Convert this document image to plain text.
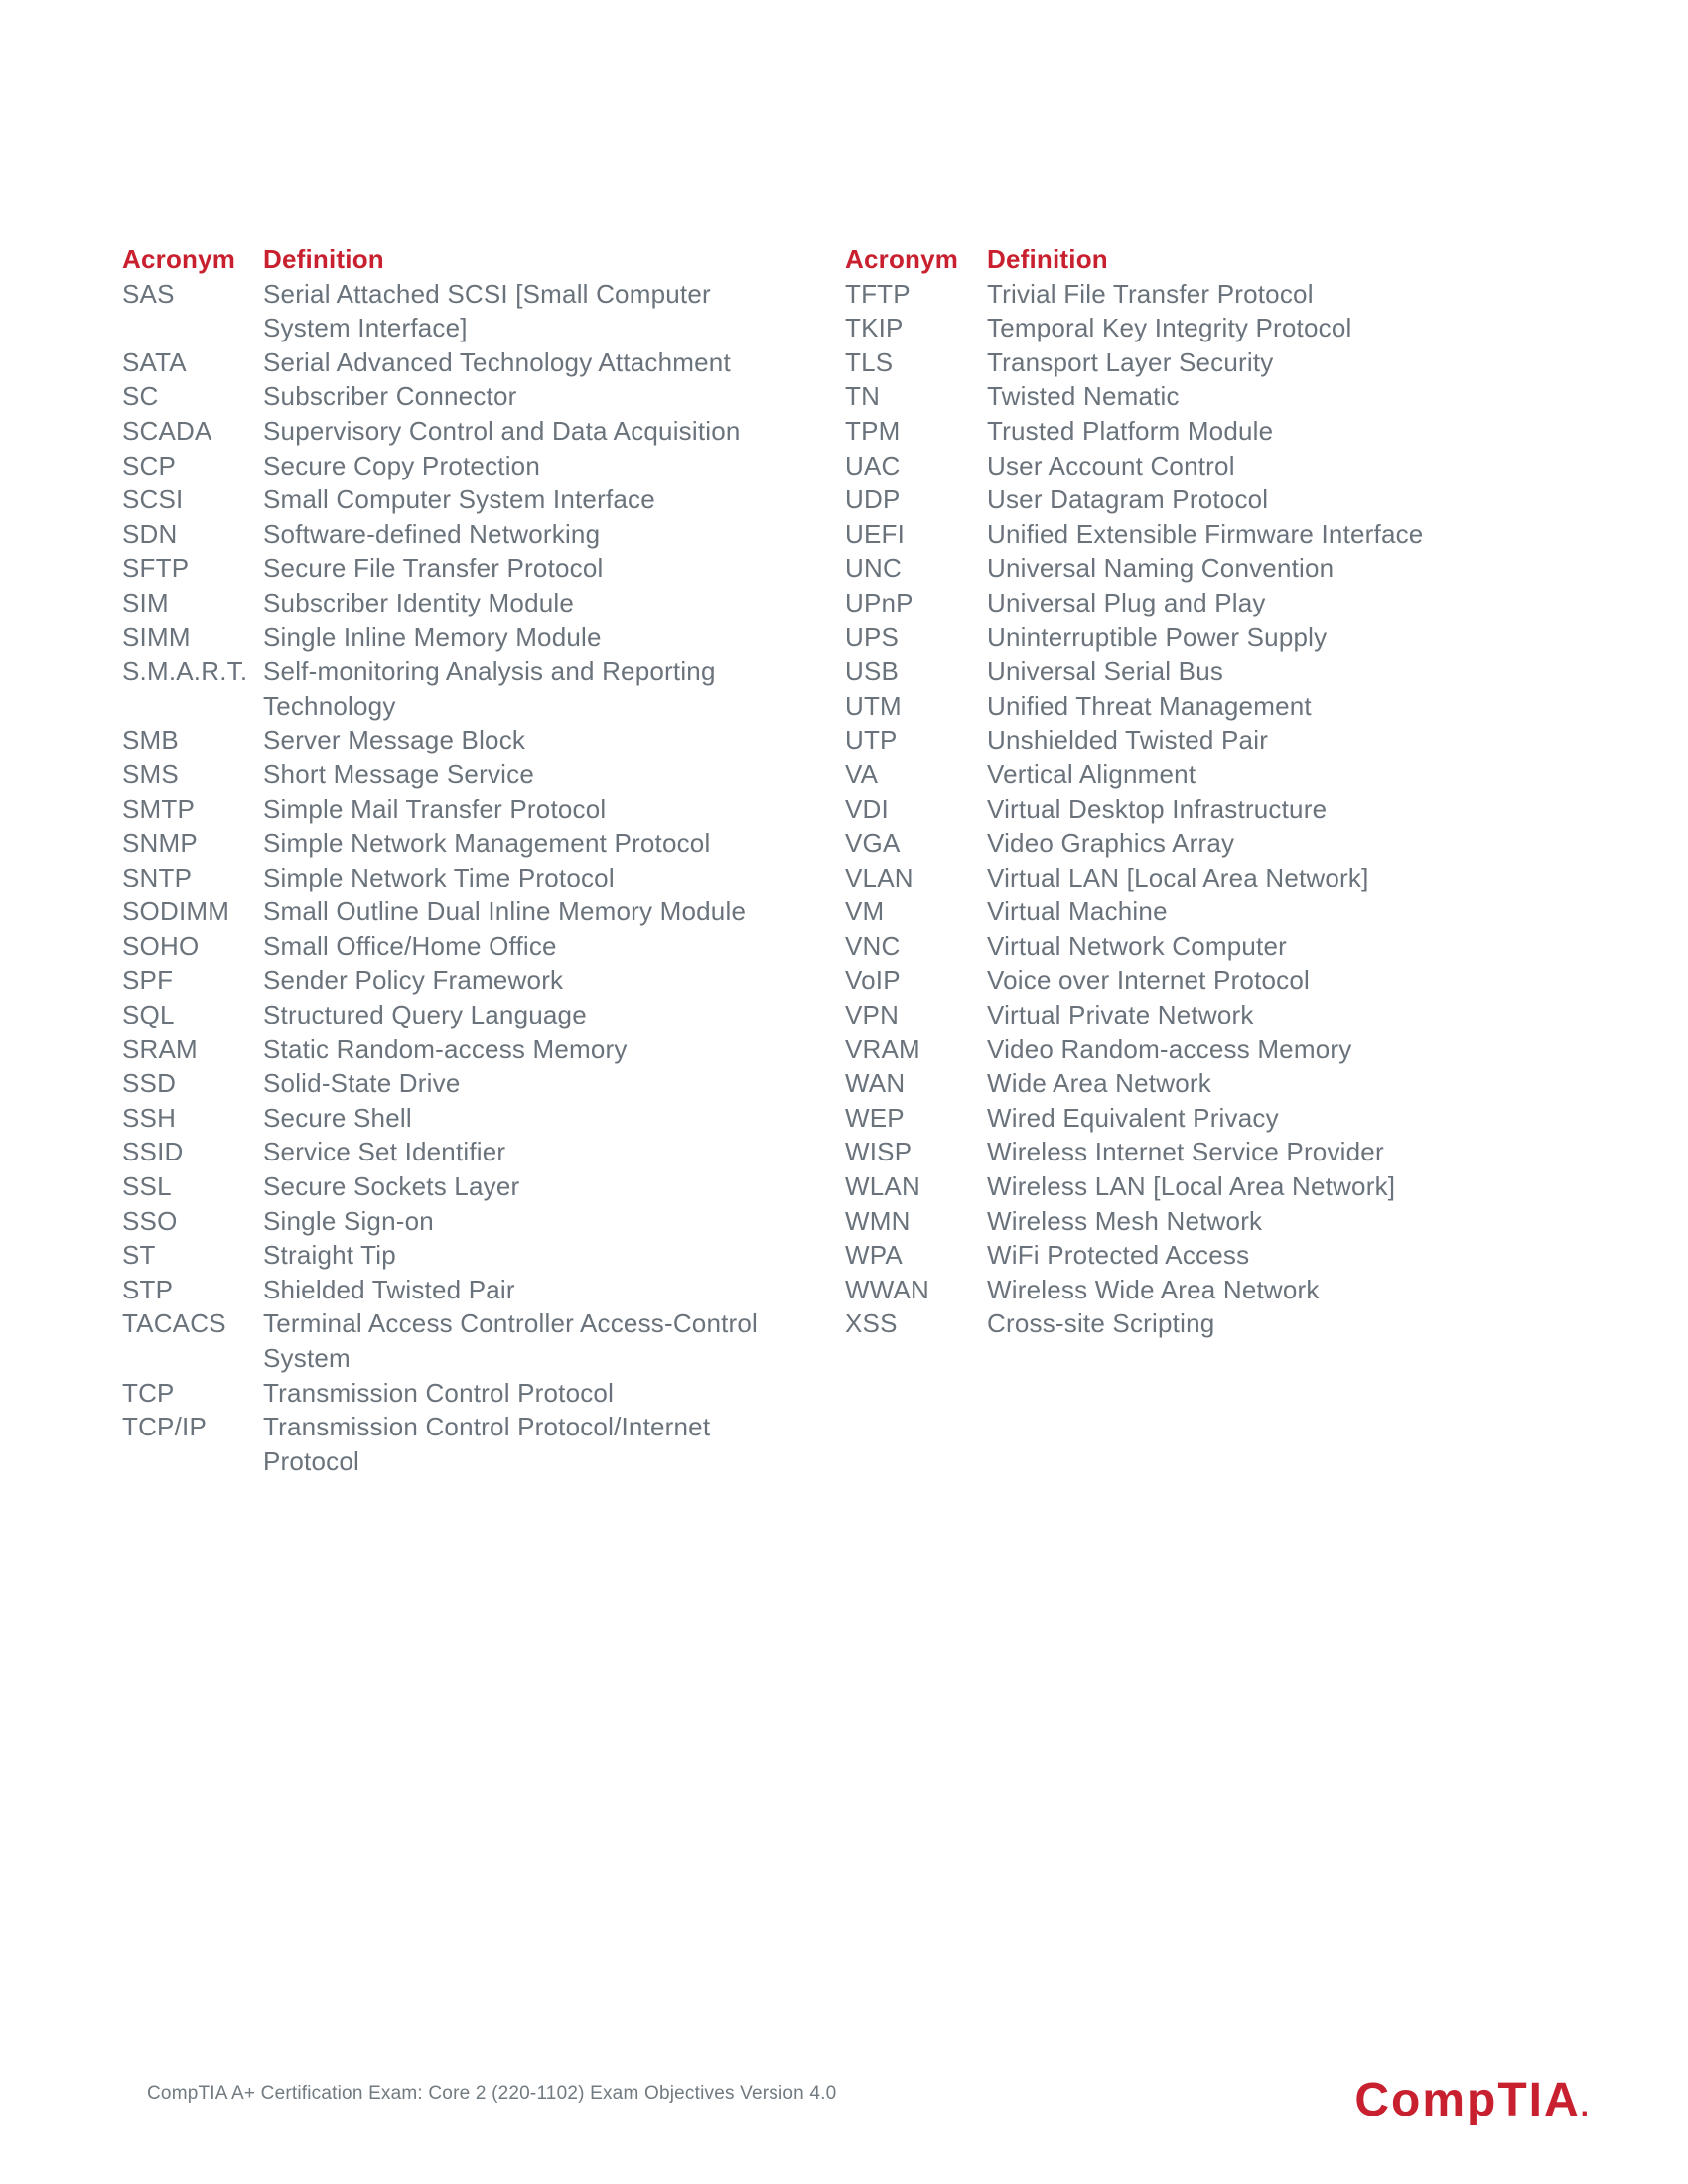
Acronym	Definition
SAS	Serial Attached SCSI [Small Computer System Interface]
SATA	Serial Advanced Technology Attachment
SC	Subscriber Connector
SCADA	Supervisory Control and Data Acquisition
SCP	Secure Copy Protection
SCSI	Small Computer System Interface
SDN	Software-defined Networking
SFTP	Secure File Transfer Protocol
SIM	Subscriber Identity Module
SIMM	Single Inline Memory Module
S.M.A.R.T. Self-monitoring Analysis and Reporting Technology
SMB	Server Message Block
SMS	Short Message Service
SMTP	Simple Mail Transfer Protocol
SNMP	Simple Network Management Protocol
SNTP	Simple Network Time Protocol
SODIMM	Small Outline Dual Inline Memory Module
SOHO	Small Office/Home Office
SPF	Sender Policy Framework
SQL	Structured Query Language
SRAM	Static Random-access Memory
SSD	Solid-State Drive
SSH	Secure Shell
SSID	Service Set Identifier
SSL	Secure Sockets Layer
SSO	Single Sign-on
ST	Straight Tip
STP	Shielded Twisted Pair
TACACS	Terminal Access Controller Access-Control System
TCP	Transmission Control Protocol
TCP/IP	Transmission Control Protocol/Internet Protocol
Acronym	Definition
TFTP	Trivial File Transfer Protocol
TKIP	Temporal Key Integrity Protocol
TLS	Transport Layer Security
TN	Twisted Nematic
TPM	Trusted Platform Module
UAC	User Account Control
UDP	User Datagram Protocol
UEFI	Unified Extensible Firmware Interface
UNC	Universal Naming Convention
UPnP	Universal Plug and Play
UPS	Uninterruptible Power Supply
USB	Universal Serial Bus
UTM	Unified Threat Management
UTP	Unshielded Twisted Pair
VA	Vertical Alignment
VDI	Virtual Desktop Infrastructure
VGA	Video Graphics Array
VLAN	Virtual LAN [Local Area Network]
VM	Virtual Machine
VNC	Virtual Network Computer
VoIP	Voice over Internet Protocol
VPN	Virtual Private Network
VRAM	Video Random-access Memory
WAN	Wide Area Network
WEP	Wired Equivalent Privacy
WISP	Wireless Internet Service Provider
WLAN	Wireless LAN [Local Area Network]
WMN	Wireless Mesh Network
WPA	WiFi Protected Access
WWAN	Wireless Wide Area Network
XSS	Cross-site Scripting
CompTIA A+ Certification Exam: Core 2 (220-1102) Exam Objectives Version 4.0	CompTIA.
